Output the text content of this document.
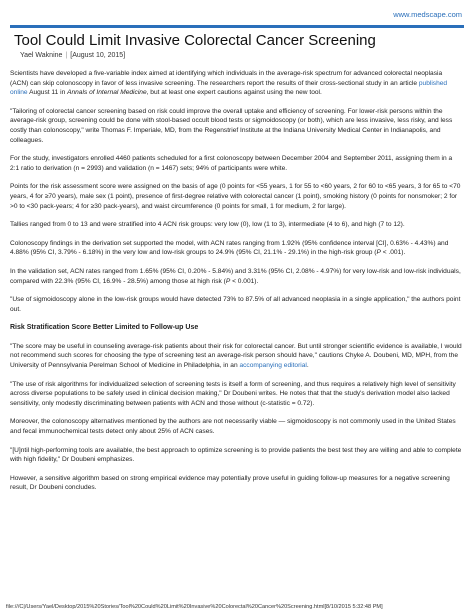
www.medscape.com
Tool Could Limit Invasive Colorectal Cancer Screening
Yael Waknine | [August 10, 2015]

Scientists have developed a five-variable index aimed at identifying which individuals in the average-risk spectrum for advanced colorectal neoplasia (ACN) can skip colonoscopy in favor of less invasive screening. The researchers report the results of their cross-sectional study in an article published online August 11 in Annals of Internal Medicine, but at least one expert cautions against using the new tool.

"Tailoring of colorectal cancer screening based on risk could improve the overall uptake and efficiency of screening. For lower-risk persons within the average-risk group, screening could be done with stool-based occult blood tests or sigmoidoscopy (or both), which are less invasive, less risky, and less costly than colonoscopy," write Thomas F. Imperiale, MD, from the Regenstrief Institute at the Indiana University Medical Center in Indianapolis, and colleagues.

For the study, investigators enrolled 4460 patients scheduled for a first colonoscopy between December 2004 and September 2011, assigning them in a 2:1 ratio to derivation (n = 2993) and validation (n = 1467) sets; 94% of participants were white.

Points for the risk assessment score were assigned on the basis of age (0 points for <55 years, 1 for 55 to <60 years, 2 for 60 to <65 years, 3 for 65 to <70 years, 4 for ≥70 years), male sex (1 point), presence of first-degree relative with colorectal cancer (1 point), smoking history (0 points for nonsmoker; 2 for >0 to <30 pack-years; 4 for ≥30 pack-years), and waist circumference (0 points for small, 1 for medium, 2 for large).

Tallies ranged from 0 to 13 and were stratified into 4 ACN risk groups: very low (0), low (1 to 3), intermediate (4 to 6), and high (7 to 12).

Colonoscopy findings in the derivation set supported the model, with ACN rates ranging from 1.92% (95% confidence interval [CI], 0.63% - 4.43%) and 4.88% (95% CI, 3.79% - 6.18%) in the very low and low-risk groups to 24.9% (95% CI, 21.1% - 29.1%) in the high-risk group (P < .001).

In the validation set, ACN rates ranged from 1.65% (95% CI, 0.20% - 5.84%) and 3.31% (95% CI, 2.08% - 4.97%) for very low-risk and low-risk individuals, compared with 22.3% (95% CI, 16.9% - 28.5%) among those at high risk (P < 0.001).

"Use of sigmoidoscopy alone in the low-risk groups would have detected 73% to 87.5% of all advanced neoplasia in a single application," the authors point out.

Risk Stratification Score Better Limited to Follow-up Use

"The score may be useful in counseling average-risk patients about their risk for colorectal cancer. But until stronger scientific evidence is available, I would not recommend such scores for choosing the type of screening test an average-risk person should have," cautions Chyke A. Doubeni, MD, MPH, from the University of Pennsylvania Perelman School of Medicine in Philadelphia, in an accompanying editorial.

"The use of risk algorithms for individualized selection of screening tests is itself a form of screening, and thus requires a relatively high level of sensitivity across diverse populations to be safely used in clinical decision making," Dr Doubeni writes. He notes that that the study's derivation model also lacked sensitivity, only modestly discriminating between patients with ACN and those without (c-statistic = 0.72).

Moreover, the colonoscopy alternatives mentioned by the authors are not necessarily viable — sigmoidoscopy is not commonly used in the United States and fecal immunochemical tests detect only about 25% of ACN cases.

"[U]ntil high-performing tools are available, the best approach to optimize screening is to provide patients the best test they are willing and able to complete with high fidelity," Dr Doubeni emphasizes.

However, a sensitive algorithm based on strong empirical evidence may potentially prove useful in guiding follow-up measures for a negative screening result, Dr Doubeni concludes.

file:///C|/Users/Yael/Desktop/2015%20Stories/Tool%20Could%20Limit%20Invasive%20Colorectal%20Cancer%20Screening.html[8/10/2015 5:32:48 PM]
